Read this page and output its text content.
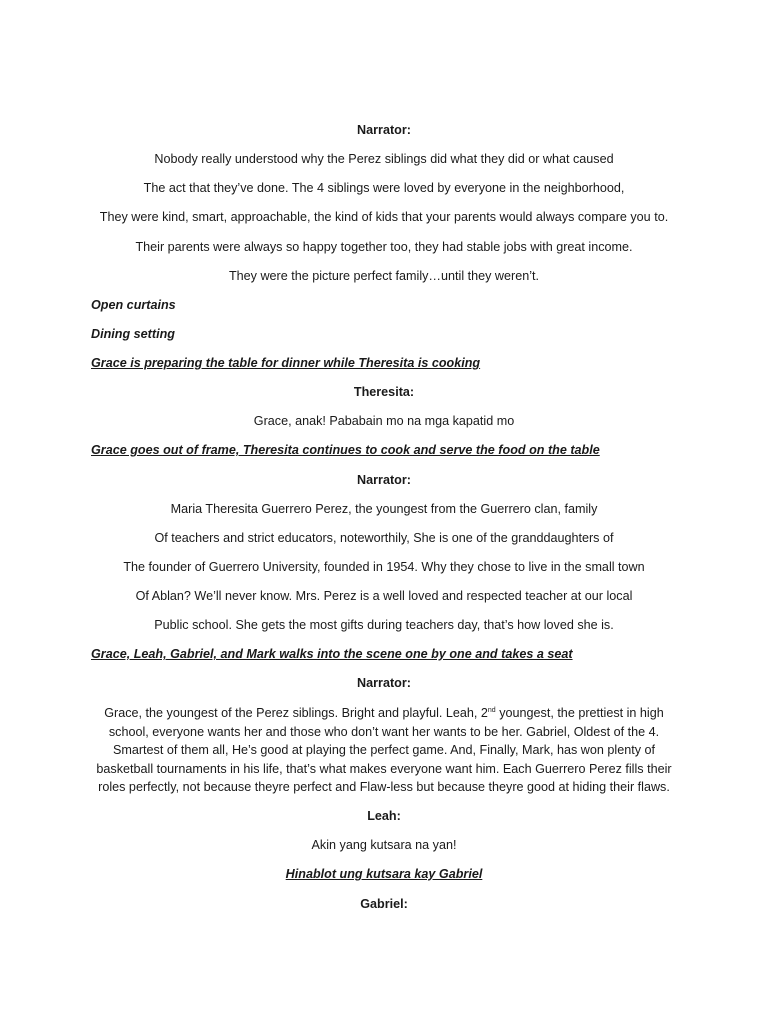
Narrator:
Nobody really understood why the Perez siblings did what they did or what caused
The act that they’ve done. The 4 siblings were loved by everyone in the neighborhood,
They were kind, smart, approachable, the kind of kids that your parents would always compare you to.
Their parents were always so happy together too, they had stable jobs with great income.
They were the picture perfect family…until they weren’t.
Open curtains
Dining setting
Grace is preparing the table for dinner while Theresita is cooking
Theresita:
Grace, anak! Pababain mo na mga kapatid mo
Grace goes out of frame, Theresita continues to cook and serve the food on the table
Narrator:
Maria Theresita Guerrero Perez, the youngest from the Guerrero clan, family
Of teachers and strict educators, noteworthily, She is one of the granddaughters of
The founder of Guerrero University, founded in 1954. Why they chose to live in the small town
Of Ablan? We’ll never know. Mrs. Perez is a well loved and respected teacher at our local
Public school. She gets the most gifts during teachers day, that’s how loved she is.
Grace, Leah, Gabriel, and Mark walks into the scene one by one and takes a seat
Narrator:
Grace, the youngest of the Perez siblings. Bright and playful. Leah, 2nd youngest, the prettiest in high school, everyone wants her and those who don’t want her wants to be her. Gabriel, Oldest of the 4. Smartest of them all, He’s good at playing the perfect game. And, Finally, Mark, has won plenty of basketball tournaments in his life, that’s what makes everyone want him. Each Guerrero Perez fills their roles perfectly, not because theyre perfect and Flaw-less but because theyre good at hiding their flaws.
Leah:
Akin yang kutsara na yan!
Hinablot ung kutsara kay Gabriel
Gabriel:
